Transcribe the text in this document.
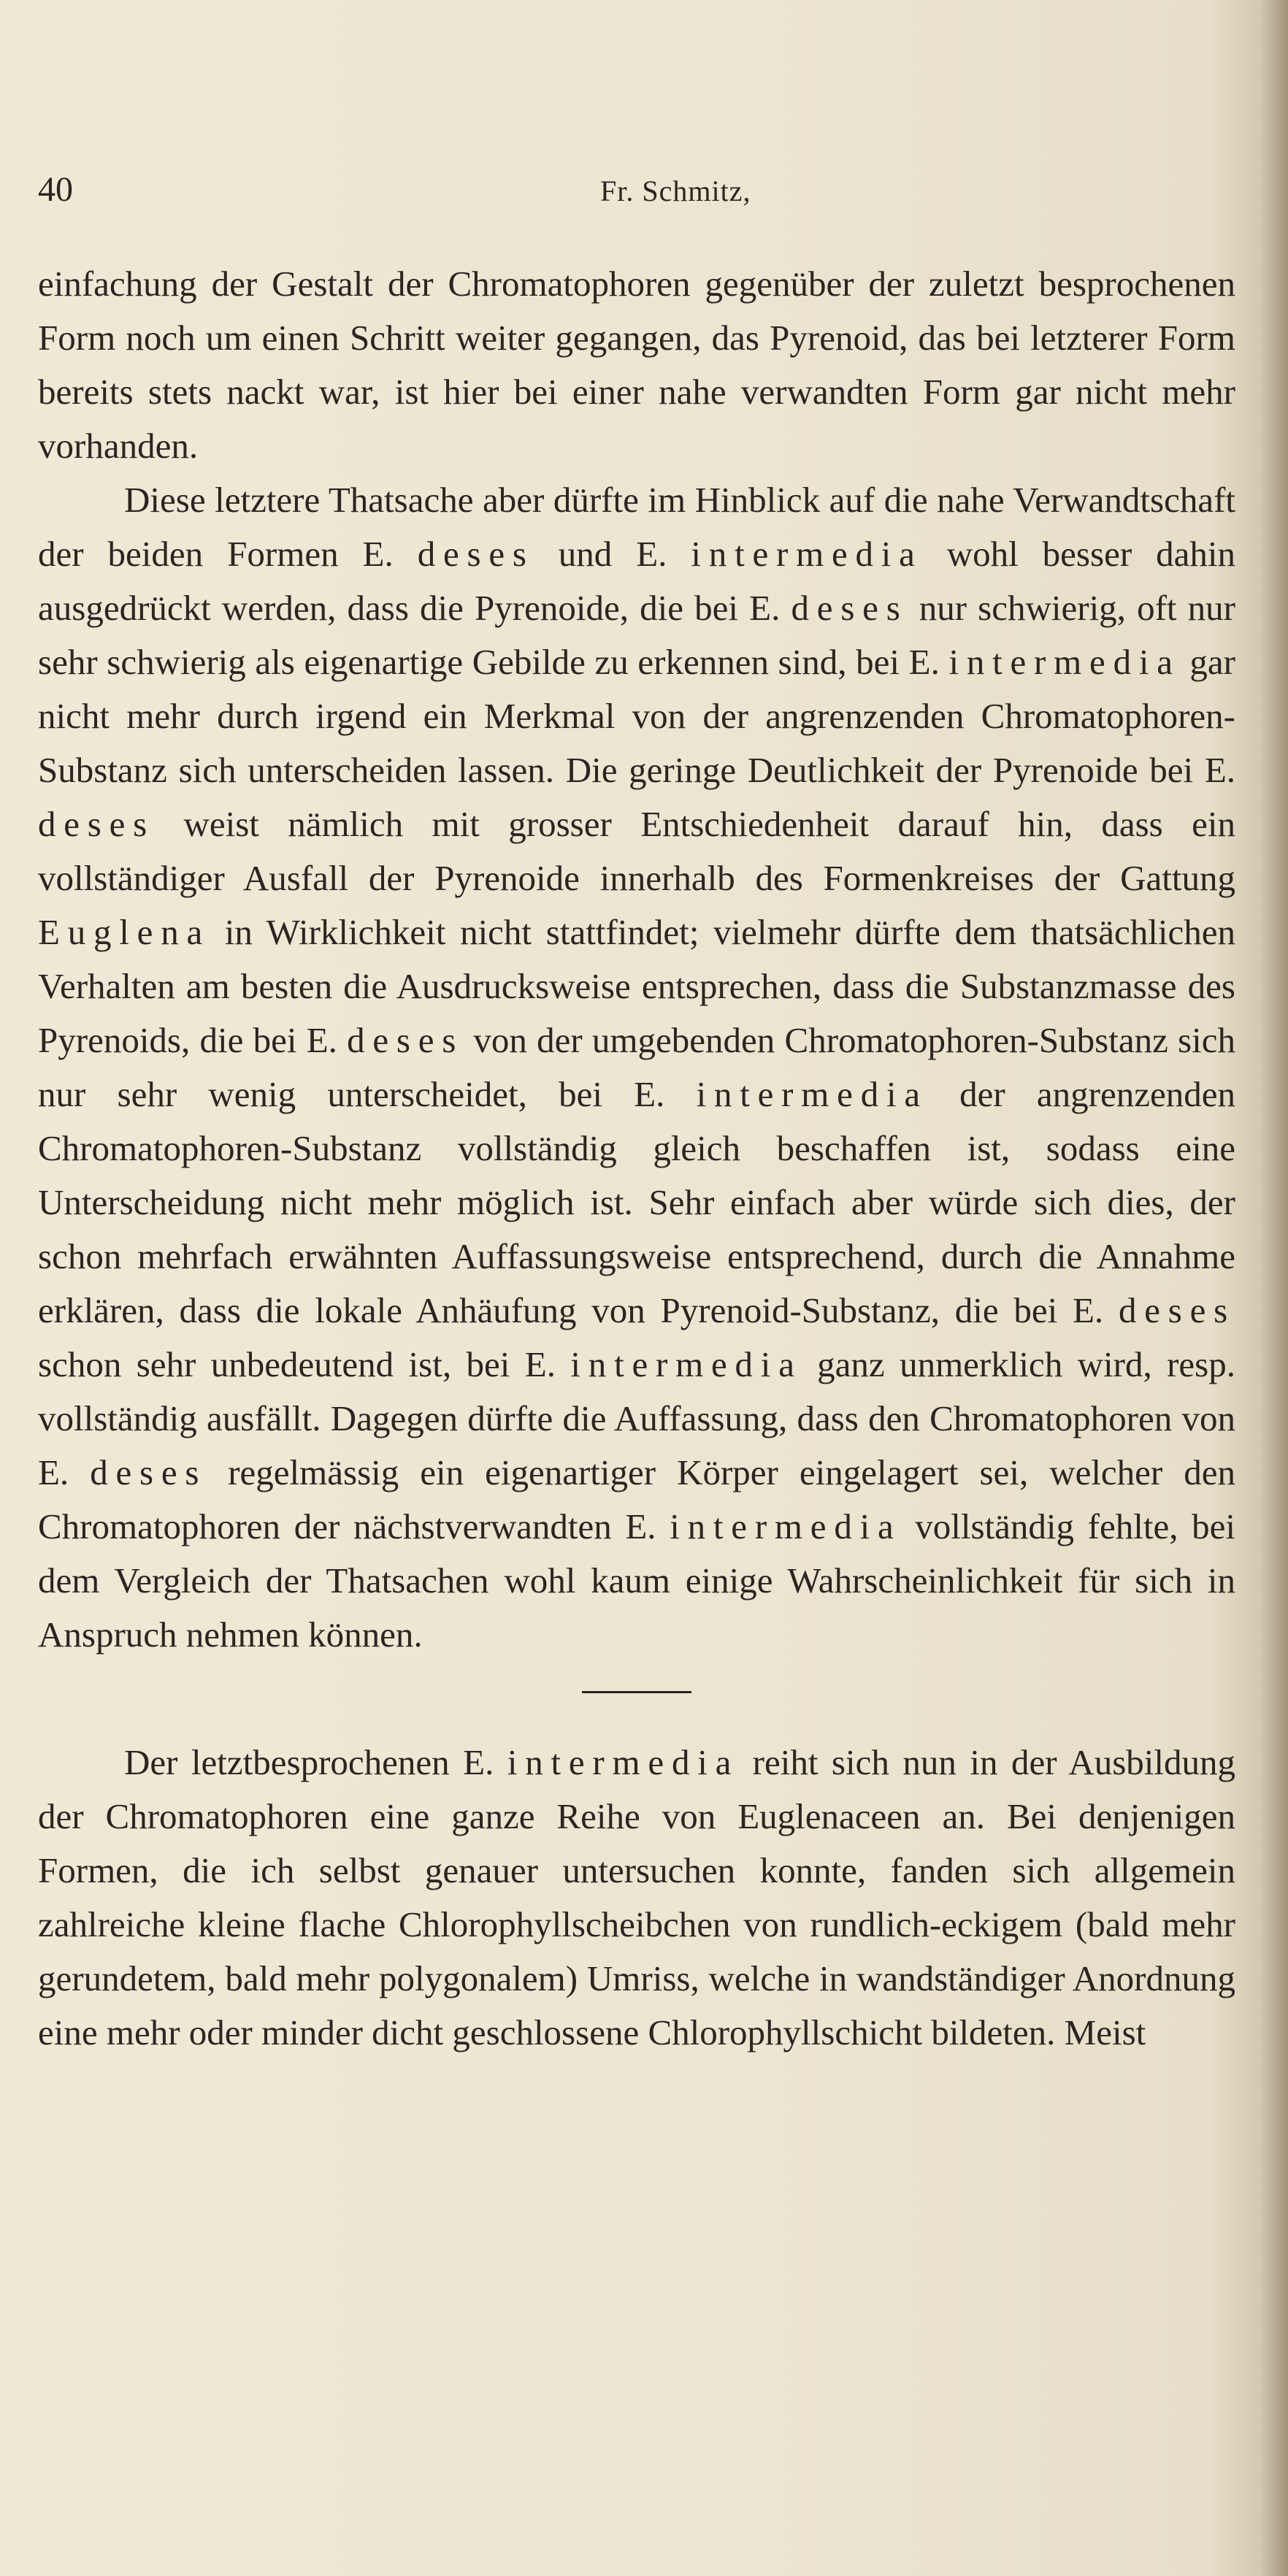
40	Fr. Schmitz,

einfachung der Gestalt der Chromatophoren gegenüber der zuletzt besprochenen Form noch um einen Schritt weiter gegangen, das Pyrenoid, das bei letzterer Form bereits stets nackt war, ist hier bei einer nahe verwandten Form gar nicht mehr vorhanden.

Diese letztere Thatsache aber dürfte im Hinblick auf die nahe Verwandtschaft der beiden Formen E. deses und E. intermedia wohl besser dahin ausgedrückt werden, dass die Pyrenoide, die bei E. deses nur schwierig, oft nur sehr schwierig als eigenartige Gebilde zu erkennen sind, bei E. intermedia gar nicht mehr durch irgend ein Merkmal von der angrenzenden Chromatophoren-Substanz sich unterscheiden lassen. Die geringe Deutlichkeit der Pyrenoide bei E. deses weist nämlich mit grosser Entschiedenheit darauf hin, dass ein vollständiger Ausfall der Pyrenoide innerhalb des Formenkreises der Gattung Euglena in Wirklichkeit nicht stattfindet; vielmehr dürfte dem thatsächlichen Verhalten am besten die Ausdrucksweise entsprechen, dass die Substanzmasse des Pyrenoids, die bei E. deses von der umgebenden Chromatophoren-Substanz sich nur sehr wenig unterscheidet, bei E. intermedia der angrenzenden Chromatophoren-Substanz vollständig gleich beschaffen ist, sodass eine Unterscheidung nicht mehr möglich ist. Sehr einfach aber würde sich dies, der schon mehrfach erwähnten Auffassungsweise entsprechend, durch die Annahme erklären, dass die lokale Anhäufung von Pyrenoid-Substanz, die bei E. deses schon sehr unbedeutend ist, bei E. intermedia ganz unmerklich wird, resp. vollständig ausfällt. Dagegen dürfte die Auffassung, dass den Chromatophoren von E. deses regelmässig ein eigenartiger Körper eingelagert sei, welcher den Chromatophoren der nächstverwandten E. intermedia vollständig fehlte, bei dem Vergleich der Thatsachen wohl kaum einige Wahrscheinlichkeit für sich in Anspruch nehmen können.

Der letztbesprochenen E. intermedia reiht sich nun in der Ausbildung der Chromatophoren eine ganze Reihe von Euglenaceen an. Bei denjenigen Formen, die ich selbst genauer untersuchen konnte, fanden sich allgemein zahlreiche kleine flache Chlorophyllscheibchen von rundlich-eckigem (bald mehr gerundetem, bald mehr polygonalem) Umriss, welche in wandständiger Anordnung eine mehr oder minder dicht geschlossene Chlorophyllschicht bildeten. Meist
